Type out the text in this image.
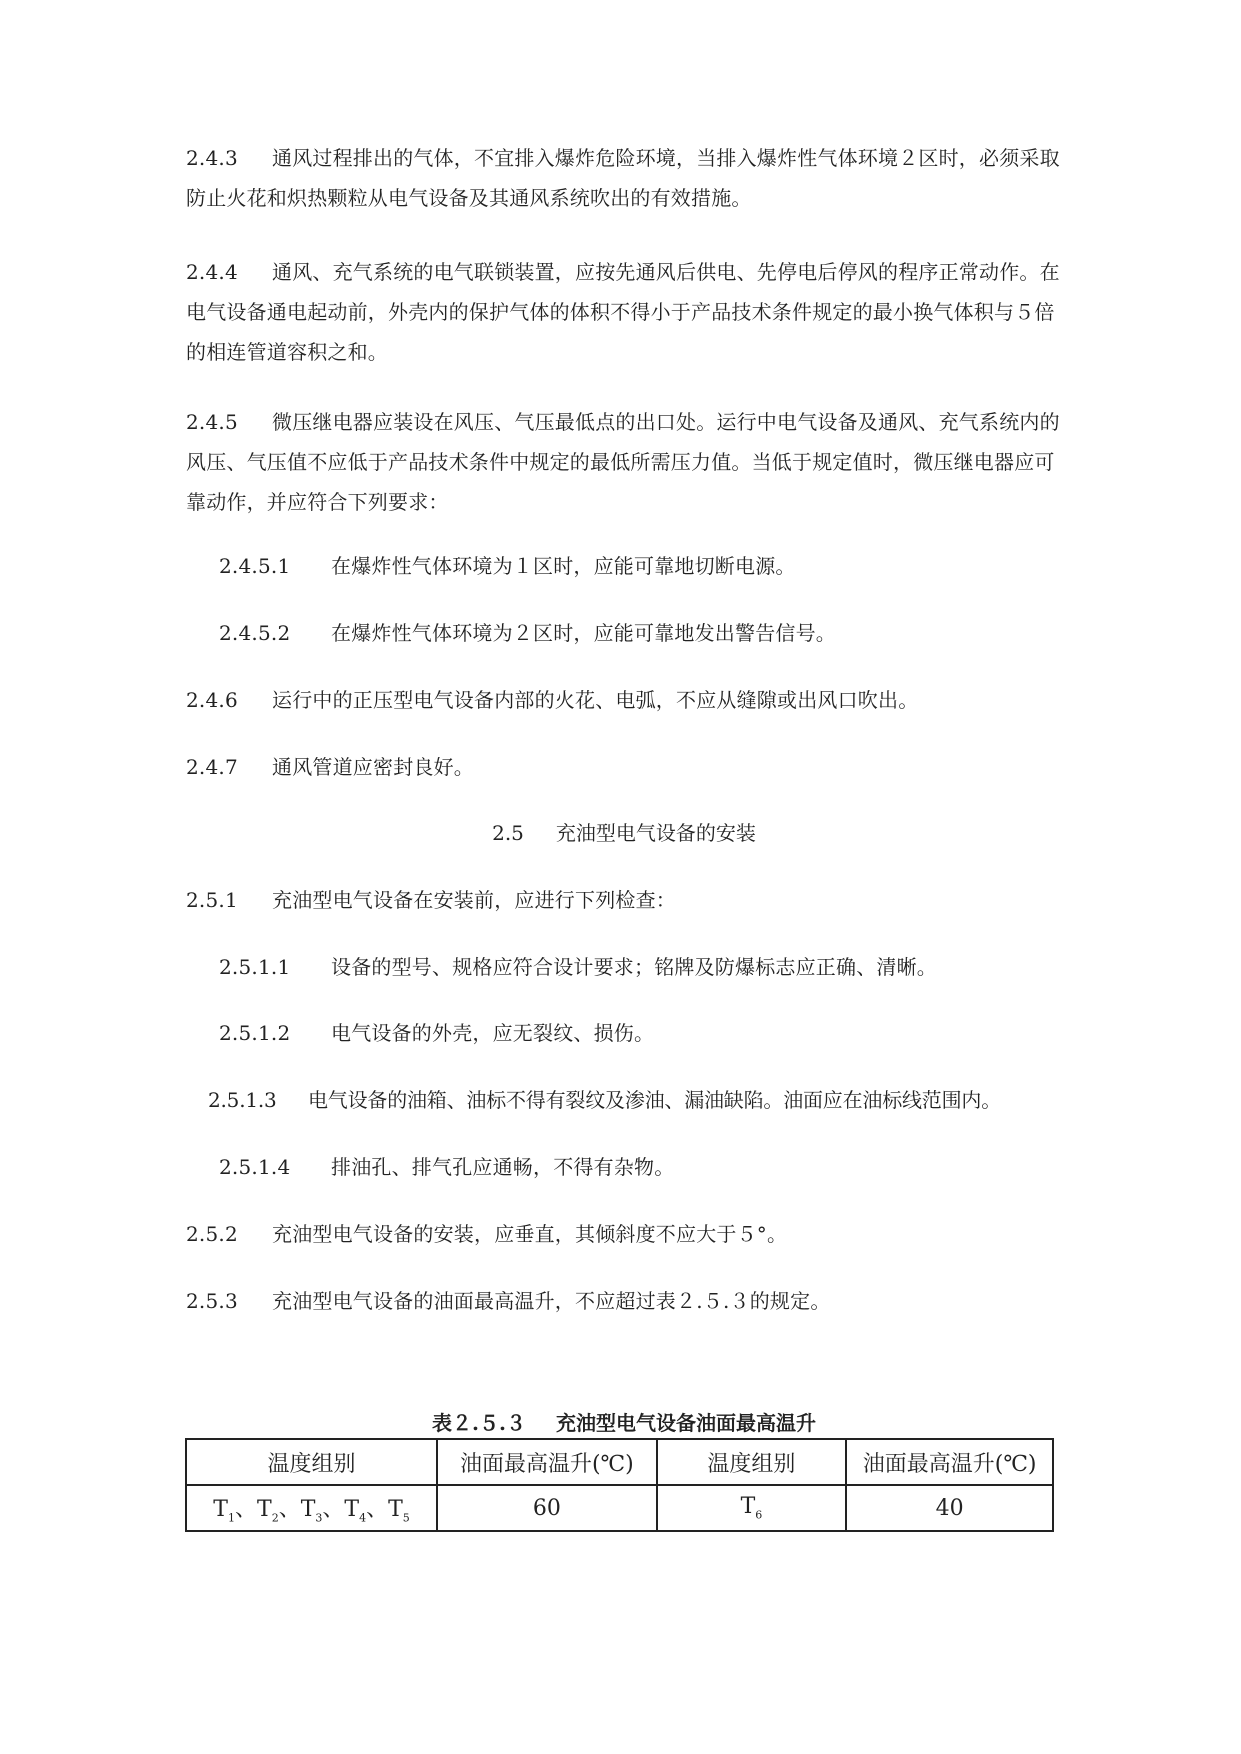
2.4.3 通风过程排出的气体，不宜排入爆炸危险环境，当排入爆炸性气体环境２区时，必须采取防止火花和炽热颗粒从电气设备及其通风系统吹出的有效措施。
2.4.4 通风、充气系统的电气联锁装置，应按先通风后供电、先停电后停风的程序正常动作。在电气设备通电起动前，外壳内的保护气体的体积不得小于产品技术条件规定的最小换气体积与５倍的相连管道容积之和。
2.4.5 微压继电器应装设在风压、气压最低点的出口处。运行中电气设备及通风、充气系统内的风压、气压值不应低于产品技术条件中规定的最低所需压力值。当低于规定值时，微压继电器应可靠动作，并应符合下列要求：
2.4.5.1 在爆炸性气体环境为１区时，应能可靠地切断电源。
2.4.5.2 在爆炸性气体环境为２区时，应能可靠地发出警告信号。
2.4.6 运行中的正压型电气设备内部的火花、电弧，不应从缝隙或出风口吹出。
2.4.7 通风管道应密封良好。
2.5 充油型电气设备的安装
2.5.1 充油型电气设备在安装前，应进行下列检查：
2.5.1.1 设备的型号、规格应符合设计要求；铭牌及防爆标志应正确、清晰。
2.5.1.2 电气设备的外壳，应无裂纹、损伤。
2.5.1.3 电气设备的油箱、油标不得有裂纹及渗油、漏油缺陷。油面应在油标线范围内。
2.5.1.4 排油孔、排气孔应通畅，不得有杂物。
2.5.2 充油型电气设备的安装，应垂直，其倾斜度不应大于５°。
2.5.3 充油型电气设备的油面最高温升，不应超过表２.５.３的规定。
表２.５.３ 充油型电气设备油面最高温升
温度组别	油面最高温升(℃)	温度组别	油面最高温升(℃)
$T_1$、$T_2$、$T_3$、$T_4$、$T_5$	60	$T_6$	40
